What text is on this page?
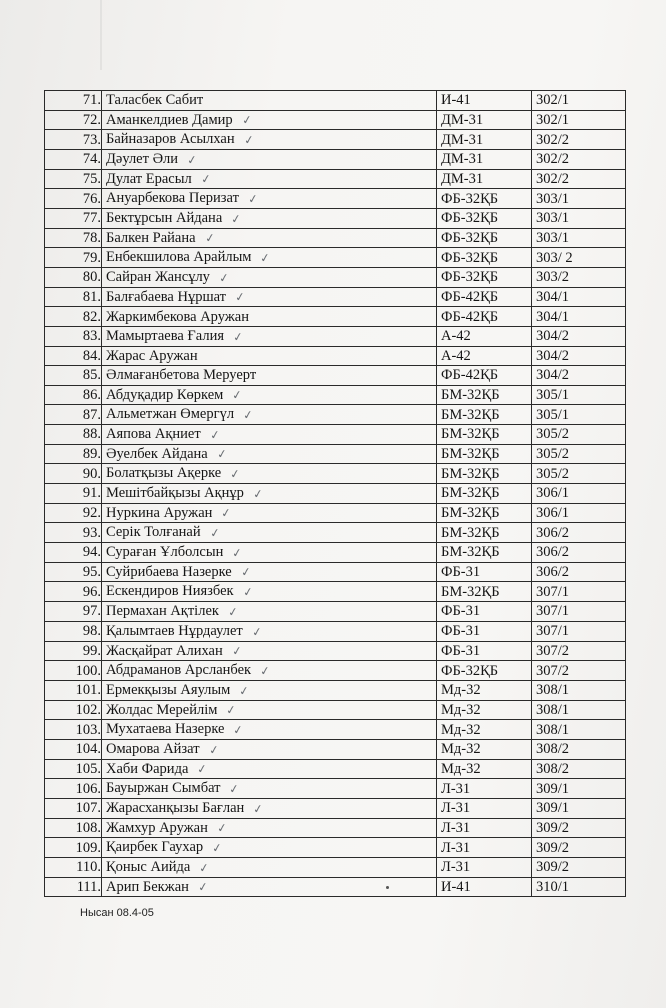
71.	Таласбек Сабит	И-41	302/1
72.	Аманкелдиев Дамир ✓	ДМ-31	302/1
73.	Байназаров Асылхан ✓	ДМ-31	302/2
74.	Дәулет Әли ✓	ДМ-31	302/2
75.	Дулат Ерасыл ✓	ДМ-31	302/2
76.	Ануарбекова Перизат ✓	ФБ-32ҚБ	303/1
77.	Бектұрсын Айдана ✓	ФБ-32ҚБ	303/1
78.	Балкен Райана ✓	ФБ-32ҚБ	303/1
79.	Енбекшилова Арайлым ✓	ФБ-32ҚБ	303/ 2
80.	Сайран Жансұлу ✓	ФБ-32ҚБ	303/2
81.	Балғабаева Нұршат ✓	ФБ-42ҚБ	304/1
82.	Жаркимбекова Аружан	ФБ-42ҚБ	304/1
83.	Мамыртаева Ғалия ✓	А-42	304/2
84.	Жарас Аружан	А-42	304/2
85.	Әлмағанбетова Меруерт	ФБ-42ҚБ	304/2
86.	Абдуқадир Көркем ✓	БМ-32ҚБ	305/1
87.	Альметжан Өмергүл ✓	БМ-32ҚБ	305/1
88.	Аяпова Ақниет ✓	БМ-32ҚБ	305/2
89.	Әуелбек Айдана ✓	БМ-32ҚБ	305/2
90.	Болатқызы Ақерке ✓	БМ-32ҚБ	305/2
91.	Мешітбайқызы Ақнұр ✓	БМ-32ҚБ	306/1
92.	Нуркина Аружан ✓	БМ-32ҚБ	306/1
93.	Серік Толғанай ✓	БМ-32ҚБ	306/2
94.	Сураған Ұлболсын ✓	БМ-32ҚБ	306/2
95.	Суйрибаева Назерке ✓	ФБ-31	306/2
96.	Ескендиров Ниязбек ✓	БМ-32ҚБ	307/1
97.	Пермахан Ақтілек ✓	ФБ-31	307/1
98.	Қалымтаев Нұрдаулет ✓	ФБ-31	307/1
99.	Жасқайрат Алихан ✓	ФБ-31	307/2
100.	Абдраманов Арсланбек ✓	ФБ-32ҚБ	307/2
101.	Ермекқызы Аяулым ✓	Мд-32	308/1
102.	Жолдас Мерейлім ✓	Мд-32	308/1
103.	Мухатаева Назерке ✓	Мд-32	308/1
104.	Омарова Айзат ✓	Мд-32	308/2
105.	Хаби Фарида ✓	Мд-32	308/2
106.	Бауыржан Сымбат ✓	Л-31	309/1
107.	Жарасханқызы Бағлан ✓	Л-31	309/1
108.	Жамхур Аружан ✓	Л-31	309/2
109.	Қаирбек Гаухар ✓	Л-31	309/2
110.	Қоныс Аийда ✓	Л-31	309/2
111.	Арип Бекжан ✓	И-41	310/1
Нысан 08.4-05
